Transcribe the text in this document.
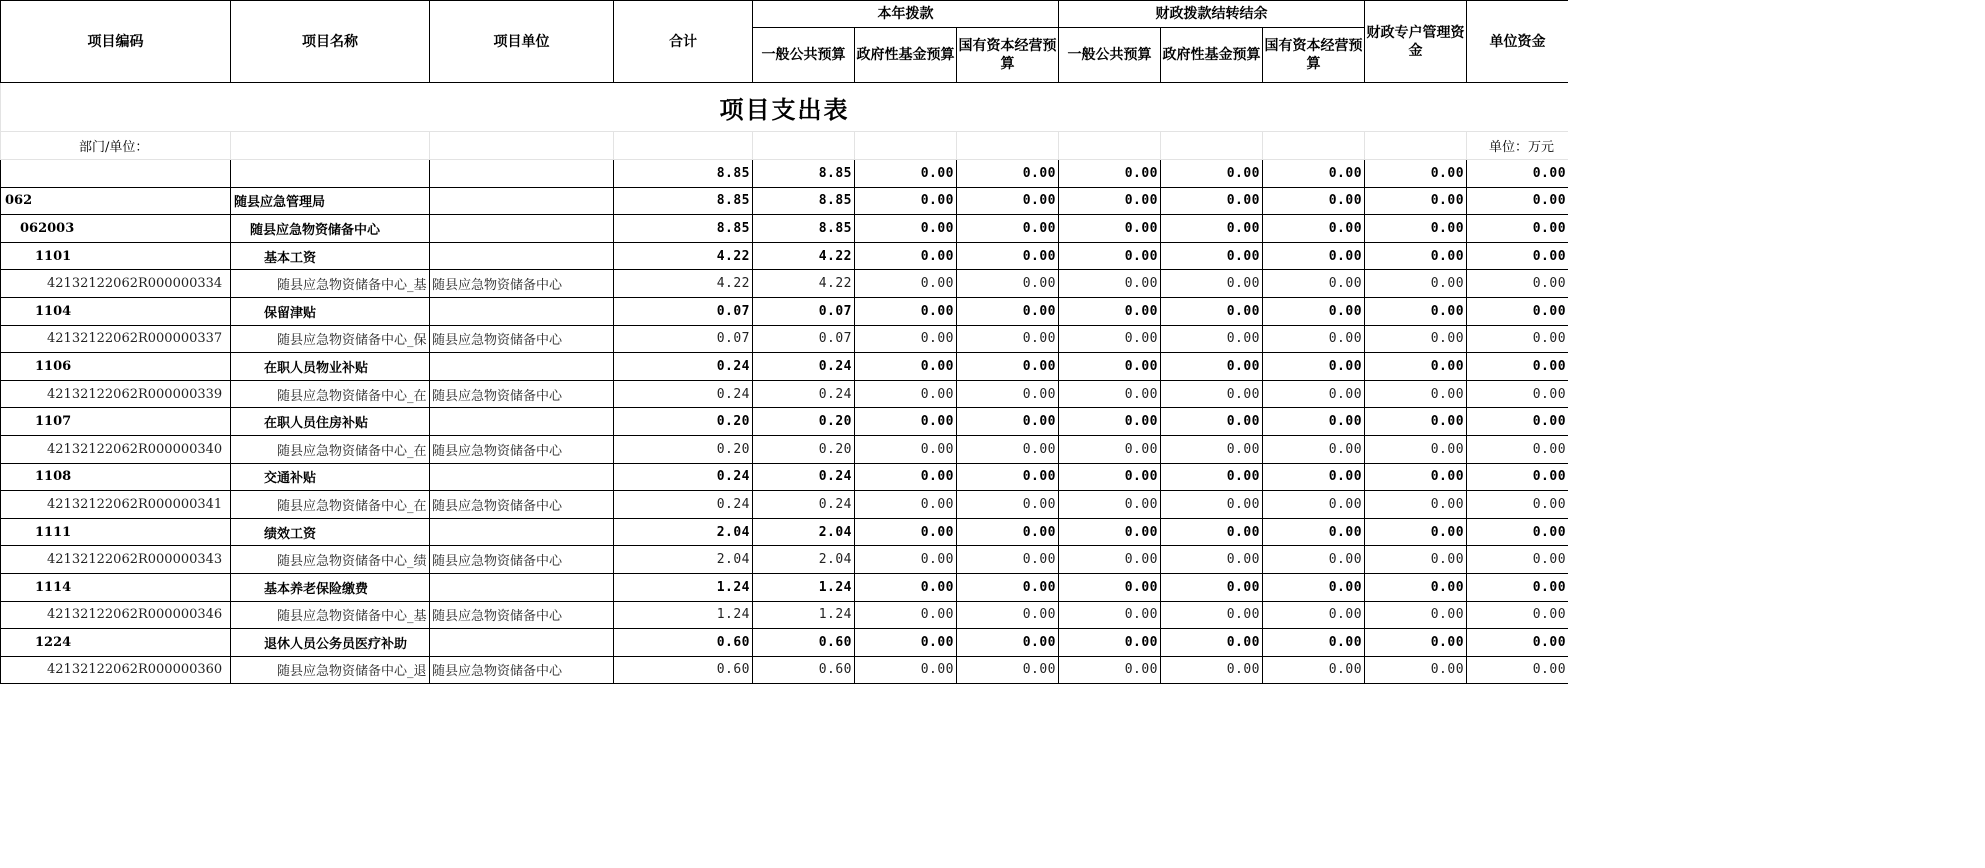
项目支出表											
部门/单位：											单位：万元
项目编码	项目名称	项目单位	合计	本年拨款			财政拨款结转结余			财政专户管理资金	单位资金
				一般公共预算	政府性基金预算	国有资本经营预算	一般公共预算	政府性基金预算	国有资本经营预算		
			8.85	8.85	0.00	0.00	0.00	0.00	0.00	0.00	0.00
062	随县应急管理局		8.85	8.85	0.00	0.00	0.00	0.00	0.00	0.00	0.00
062003	随县应急物资储备中心		8.85	8.85	0.00	0.00	0.00	0.00	0.00	0.00	0.00
1101	基本工资		4.22	4.22	0.00	0.00	0.00	0.00	0.00	0.00	0.00
42132122062R000000334	随县应急物资储备中心_基	随县应急物资储备中心	4.22	4.22	0.00	0.00	0.00	0.00	0.00	0.00	0.00
1104	保留津贴		0.07	0.07	0.00	0.00	0.00	0.00	0.00	0.00	0.00
42132122062R000000337	随县应急物资储备中心_保	随县应急物资储备中心	0.07	0.07	0.00	0.00	0.00	0.00	0.00	0.00	0.00
1106	在职人员物业补贴		0.24	0.24	0.00	0.00	0.00	0.00	0.00	0.00	0.00
42132122062R000000339	随县应急物资储备中心_在	随县应急物资储备中心	0.24	0.24	0.00	0.00	0.00	0.00	0.00	0.00	0.00
1107	在职人员住房补贴		0.20	0.20	0.00	0.00	0.00	0.00	0.00	0.00	0.00
42132122062R000000340	随县应急物资储备中心_在	随县应急物资储备中心	0.20	0.20	0.00	0.00	0.00	0.00	0.00	0.00	0.00
1108	交通补贴		0.24	0.24	0.00	0.00	0.00	0.00	0.00	0.00	0.00
42132122062R000000341	随县应急物资储备中心_在	随县应急物资储备中心	0.24	0.24	0.00	0.00	0.00	0.00	0.00	0.00	0.00
1111	绩效工资		2.04	2.04	0.00	0.00	0.00	0.00	0.00	0.00	0.00
42132122062R000000343	随县应急物资储备中心_绩	随县应急物资储备中心	2.04	2.04	0.00	0.00	0.00	0.00	0.00	0.00	0.00
1114	基本养老保险缴费		1.24	1.24	0.00	0.00	0.00	0.00	0.00	0.00	0.00
42132122062R000000346	随县应急物资储备中心_基	随县应急物资储备中心	1.24	1.24	0.00	0.00	0.00	0.00	0.00	0.00	0.00
1224	退休人员公务员医疗补助		0.60	0.60	0.00	0.00	0.00	0.00	0.00	0.00	0.00
42132122062R000000360	随县应急物资储备中心_退	随县应急物资储备中心	0.60	0.60	0.00	0.00	0.00	0.00	0.00	0.00	0.00
